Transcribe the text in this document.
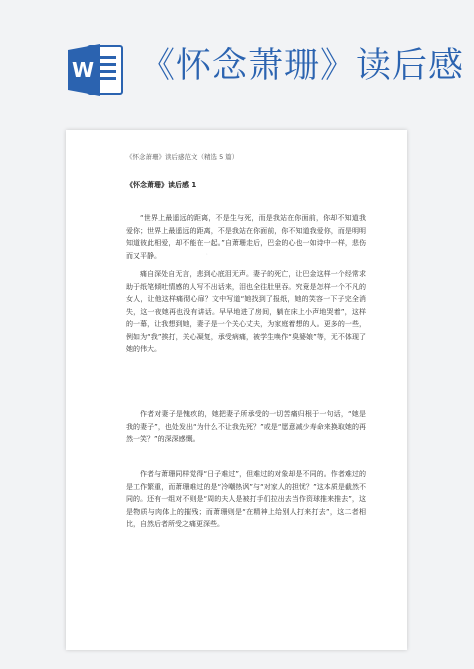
W 《怀念萧珊》读后感
·
《怀念萧珊》读后感范文（精选 5 篇）
《怀念萧珊》读后感 1

“世界上最遥远的距离，不是生与死，而是我站在你面前，你却不知道我爱你；世界上最遥远的距离，不是我站在你面前，你不知道我爱你，而是明明知道彼此相爱，却不能在一起。”自萧珊走后，巴金的心也一如诗中一样，悲伤而又平静。

痛自深处自无言，悲到心底泪无声。妻子的死亡，让巴金这样一个经常求助于纸笔倾吐情感的人写不出话来，泪也全往肚里吞。究竟是怎样一个不凡的女人，让他这样痛彻心扉？文中写道“她找到了报纸，她的笑容一下子完全消失，这一夜她再也没有讲话。早早地进了房间，躺在床上小声地哭着”，这样的一幕，让我想到她，妻子是一个关心丈夫，为家庭着想的人。更多的一些，例如为“我”挨打，关心凝复，承受病痛，被学生唤作“臭婆娘”等，无不体现了她的伟大。

作者对妻子是愧疚的，她把妻子所承受的一切苦痛归根于一句话，“她是我的妻子”，也处发出“为什么不让我先死？”或是“愿意减少寿命来换取她的再然一笑？”的深深感慨。

作者与萧珊同样觉得“日子难过”，但难过的对象却是不同的。作者难过的是工作繁重，而萧珊难过的是“冷嘲热讽”与“对家人的担忧？”这本质是截然不同的。还有一组对不则是“周的夫人是被打手们拉出去当作资球推来推去”，这是物质与肉体上的摧残；而萧珊则是“在精神上给别人打来打去”，这二者相比，自然后者所受之痛更深些。
